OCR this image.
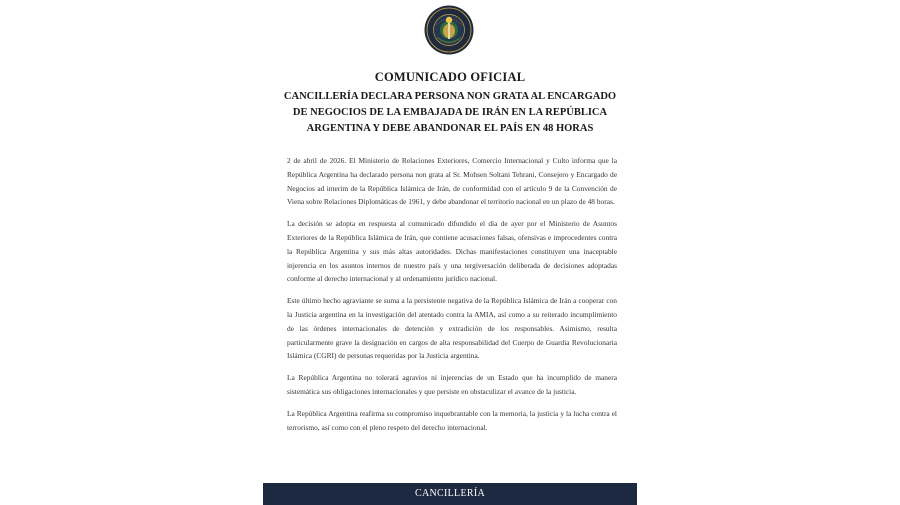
COMUNICADO OFICIAL
CANCILLERÍA DECLARA PERSONA NON GRATA AL ENCARGADO DE NEGOCIOS DE LA EMBAJADA DE IRÁN EN LA REPÚBLICA ARGENTINA Y DEBE ABANDONAR EL PAÍS EN 48 HORAS

2 de abril de 2026. El Ministerio de Relaciones Exteriores, Comercio Internacional y Culto informa que la República Argentina ha declarado persona non grata al Sr. Mohsen Soltani Tehrani, Consejero y Encargado de Negocios ad interim de la República Islámica de Irán, de conformidad con el artículo 9 de la Convención de Viena sobre Relaciones Diplomáticas de 1961, y debe abandonar el territorio nacional en un plazo de 48 horas.

La decisión se adopta en respuesta al comunicado difundido el día de ayer por el Ministerio de Asuntos Exteriores de la República Islámica de Irán, que contiene acusaciones falsas, ofensivas e improcedentes contra la República Argentina y sus más altas autoridades. Dichas manifestaciones constituyen una inaceptable injerencia en los asuntos internos de nuestro país y una tergiversación deliberada de decisiones adoptadas conforme al derecho internacional y al ordenamiento jurídico nacional.

Este último hecho agraviante se suma a la persistente negativa de la República Islámica de Irán a cooperar con la Justicia argentina en la investigación del atentado contra la AMIA, así como a su reiterado incumplimiento de las órdenes internacionales de detención y extradición de los responsables. Asimismo, resulta particularmente grave la designación en cargos de alta responsabilidad del Cuerpo de Guardia Revolucionaria Islámica (CGRI) de personas requeridas por la Justicia argentina.

La República Argentina no tolerará agravios ni injerencias de un Estado que ha incumplido de manera sistemática sus obligaciones internacionales y que persiste en obstaculizar el avance de la justicia.

La República Argentina reafirma su compromiso inquebrantable con la memoria, la justicia y la lucha contra el terrorismo, así como con el pleno respeto del derecho internacional.

CANCILLERÍA
